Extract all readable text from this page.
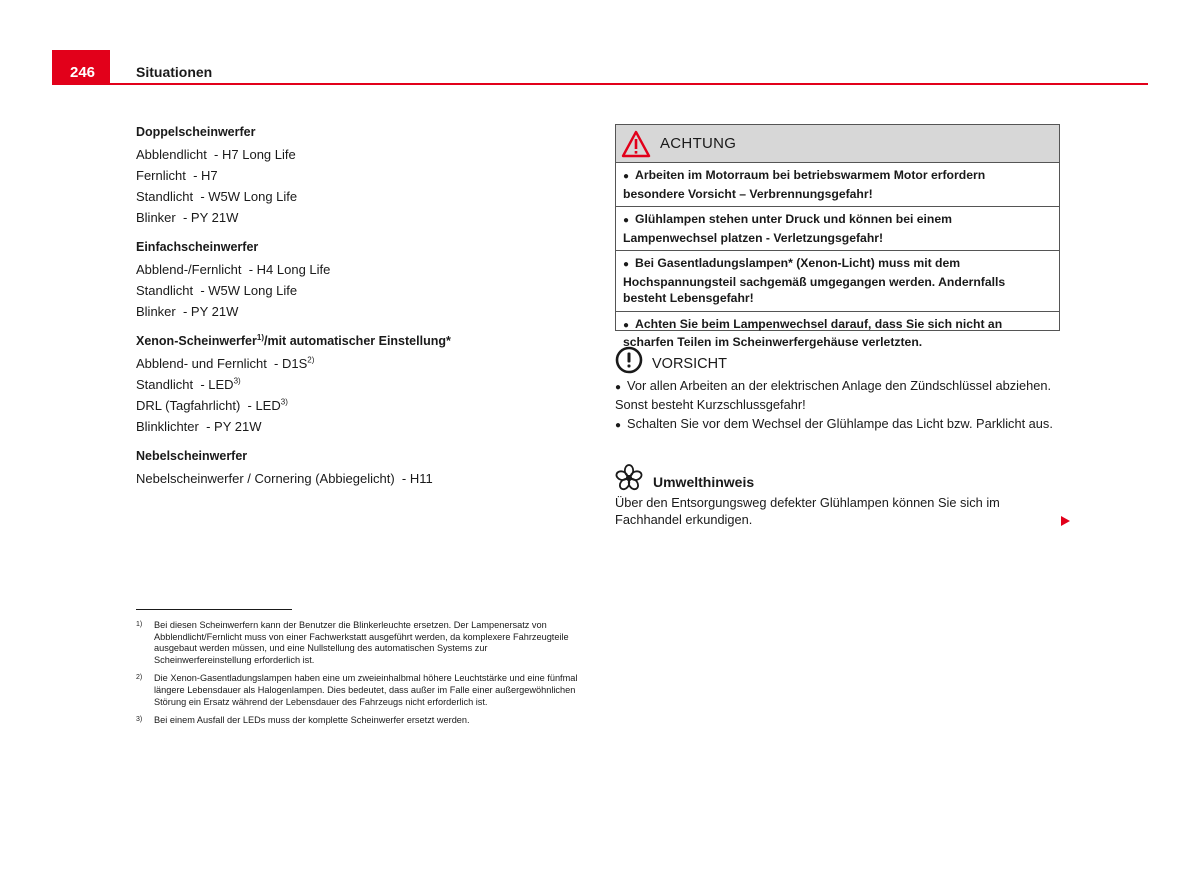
246	Situationen
Doppelscheinwerfer
Abblendlicht  - H7 Long Life
Fernlicht  - H7
Standlicht  - W5W Long Life
Blinker  - PY 21W
Einfachscheinwerfer
Abblend-/Fernlicht  - H4 Long Life
Standlicht  - W5W Long Life
Blinker  - PY 21W
Xenon-Scheinwerfer$^{1)}$/mit automatischer Einstellung*
Abblend- und Fernlicht  - $D1S^{2)}$
Standlicht  - LED$^{3)}$
DRL (Tagfahrlicht)  - LED$^{3)}$
Blinklichter  - PY 21W
Nebelscheinwerfer
Nebelscheinwerfer / Cornering (Abbiegelicht)  - H11
1)	Bei diesen Scheinwerfern kann der Benutzer die Blinkerleuchte ersetzen. Der Lampenersatz von Abblendlicht/Fernlicht muss von einer Fachwerkstatt ausgeführt werden, da komplexere Fahrzeugteile ausgebaut werden müssen, und eine Nullstellung des automatischen Systems zur Scheinwerfereinstellung erforderlich ist.
2)	Die Xenon-Gasentladungslampen haben eine um zweieinhalbmal höhere Leuchtstärke und eine fünfmal längere Lebensdauer als Halogenlampen. Dies bedeutet, dass außer im Falle einer außergewöhnlichen Störung ein Ersatz während der Lebensdauer des Fahrzeugs nicht erforderlich ist.
3)	Bei einem Ausfall der LEDs muss der komplette Scheinwerfer ersetzt werden.
ACHTUNG
● Arbeiten im Motorraum bei betriebswarmem Motor erfordern besondere Vorsicht – Verbrennungsgefahr!
● Glühlampen stehen unter Druck und können bei einem Lampenwechsel platzen - Verletzungsgefahr!
● Bei Gasentladungslampen* (Xenon-Licht) muss mit dem Hochspannungsteil sachgemäß umgegangen werden. Andernfalls besteht Lebensgefahr!
● Achten Sie beim Lampenwechsel darauf, dass Sie sich nicht an scharfen Teilen im Scheinwerfergehäuse verletzten.
VORSICHT
● Vor allen Arbeiten an der elektrischen Anlage den Zündschlüssel abziehen. Sonst besteht Kurzschlussgefahr!
● Schalten Sie vor dem Wechsel der Glühlampe das Licht bzw. Parklicht aus.
Umwelthinweis
Über den Entsorgungsweg defekter Glühlampen können Sie sich im Fachhandel erkundigen.
